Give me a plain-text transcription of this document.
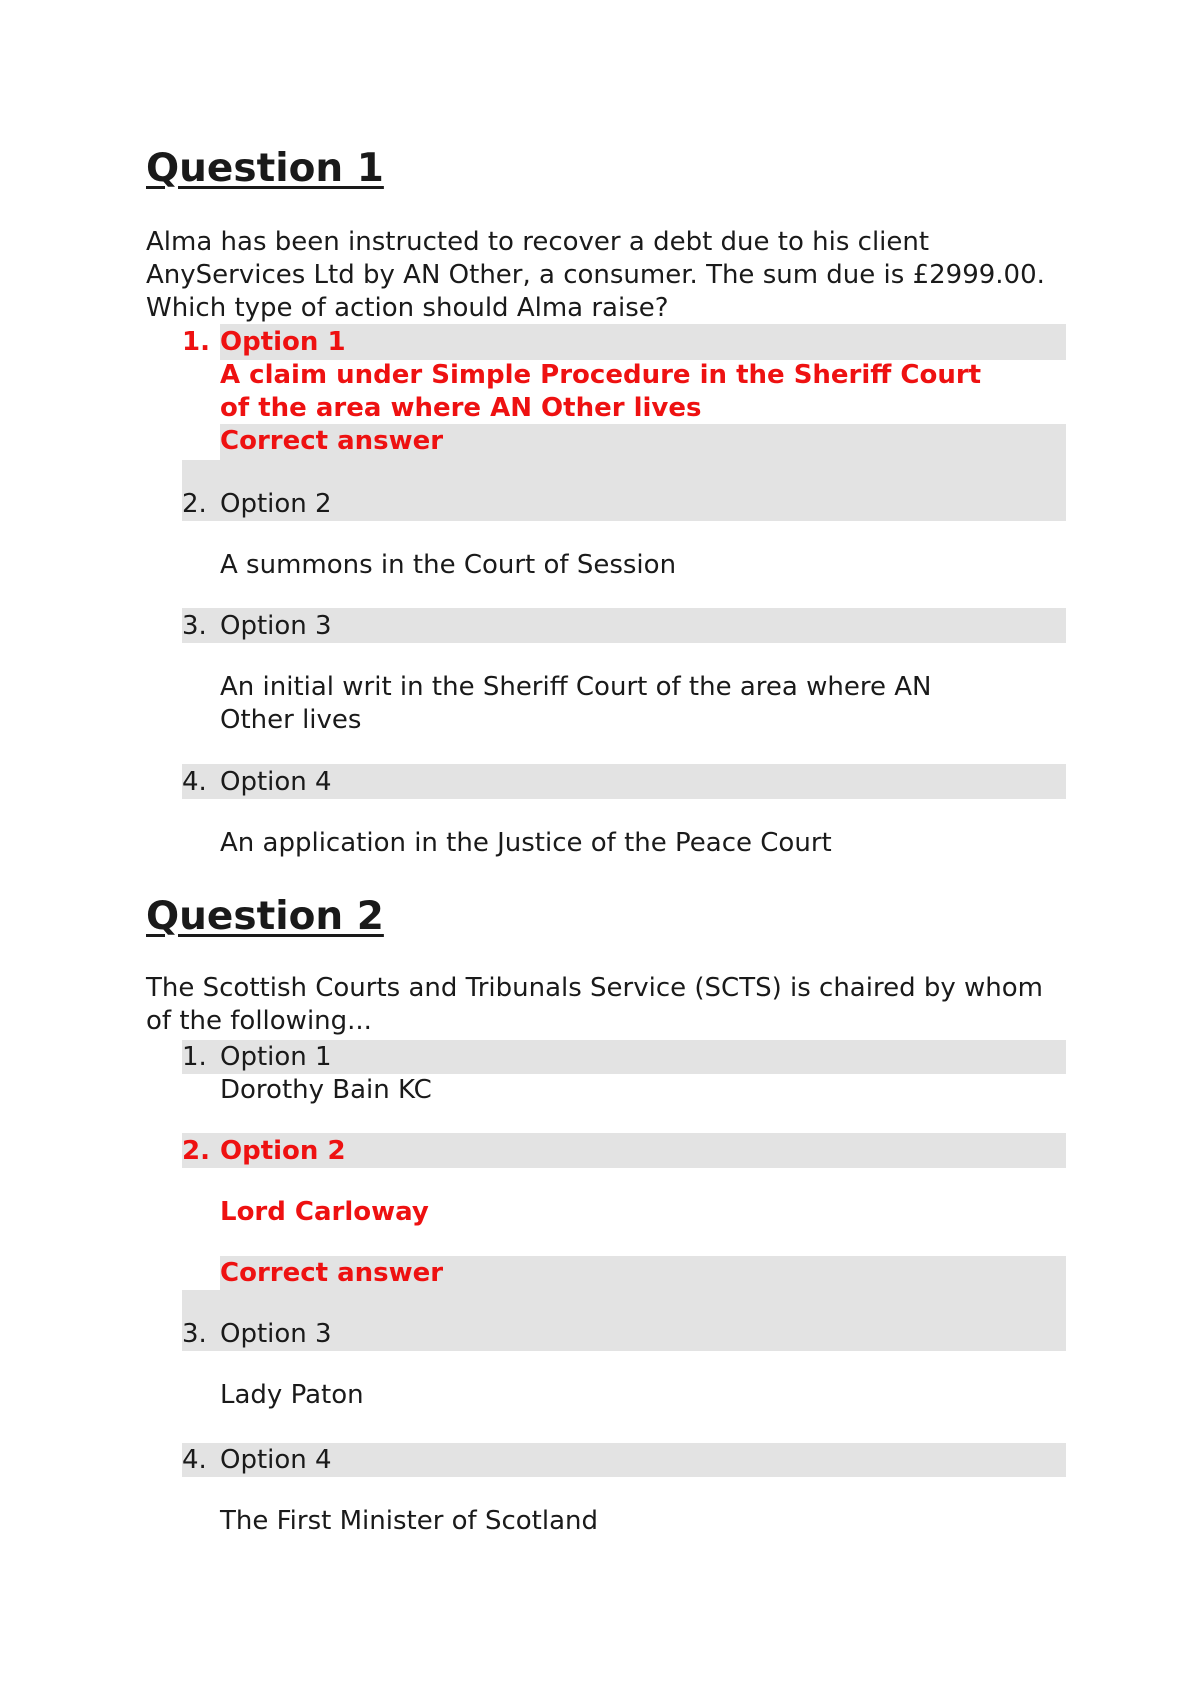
Question 1

Alma has been instructed to recover a debt due to his client AnyServices Ltd by AN Other, a consumer. The sum due is £2999.00. Which type of action should Alma raise?

1. Option 1
A claim under Simple Procedure in the Sheriff Court
of the area where AN Other lives
Correct answer
2. Option 2
A summons in the Court of Session
3. Option 3
An initial writ in the Sheriff Court of the area where AN
Other lives
4. Option 4
An application in the Justice of the Peace Court
Question 2

The Scottish Courts and Tribunals Service (SCTS) is chaired by whom of the following...

1. Option 1
Dorothy Bain KC
2. Option 2
Lord Carloway
Correct answer
3. Option 3
Lady Paton
4. Option 4
The First Minister of Scotland
